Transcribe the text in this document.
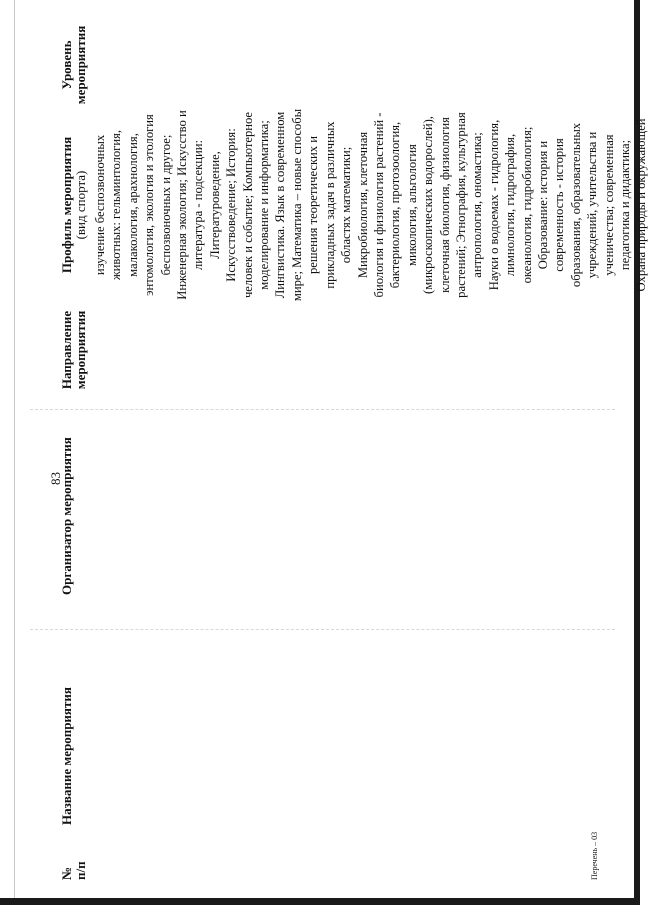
83
№ п/п
Название мероприятия
Организатор мероприятия
Направление мероприятия
Профиль мероприятия (вид спорта)
Уровень мероприятия
изучение беспозвоночных животных: гельминтология, малакология, арахнология, энтомология, экология и этология беспозвоночных и другое; Инженерная экология; Искусство и литература - подсекции: Литературоведение, Искусствоведение; История: человек и событие; Компьютерное моделирование и информатика; Лингвистика. Язык в современном мире; Математика – новые способы решения теоретических и прикладных задач в различных областях математики; Микробиология, клеточная биология и физиология растений - бактериология, протозоология, микология, альгология (микроскопических водорослей), клеточная биология, физиология растений; Этнография, культурная антропология, ономастика; Науки о водоемах - гидрология, лимнология, гидрография, океанология, гидробиология; Образование: история и современность - история образования, образовательных учреждений, учительства и ученичества; современная педагогика и дидактика; Охрана природы и окружающей
Перечень – 03
